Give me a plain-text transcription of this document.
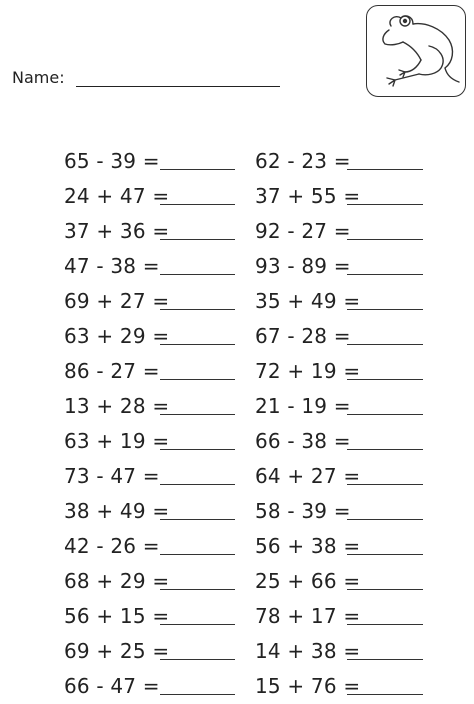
Name:
65 - 39 =
24 + 47 =
37 + 36 =
47 - 38 =
69 + 27 =
63 + 29 =
86 - 27 =
13 + 28 =
63 + 19 =
73 - 47 =
38 + 49 =
42 - 26 =
68 + 29 =
56 + 15 =
69 + 25 =
66 - 47 =
62 - 23 =
37 + 55 =
92 - 27 =
93 - 89 =
35 + 49 =
67 - 28 =
72 + 19 =
21 - 19 =
66 - 38 =
64 + 27 =
58 - 39 =
56 + 38 =
25 + 66 =
78 + 17 =
14 + 38 =
15 + 76 =
